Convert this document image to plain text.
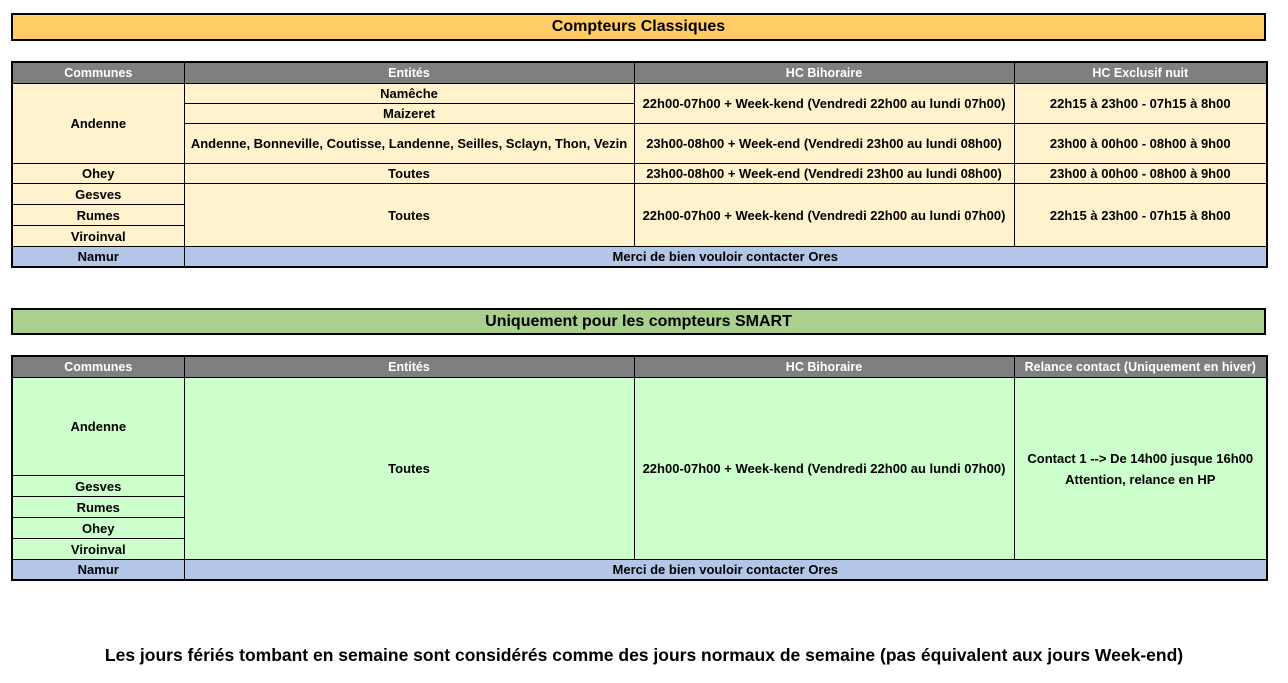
Compteurs Classiques
Communes	Entités	HC Bihoraire	HC Exclusif nuit
Andenne	Namêche	22h00-07h00 + Week-kend (Vendredi 22h00 au lundi 07h00)	22h15 à 23h00 - 07h15 à 8h00
	Maizeret		
	Andenne, Bonneville, Coutisse, Landenne, Seilles, Sclayn, Thon, Vezin	23h00-08h00 + Week-end (Vendredi 23h00 au lundi 08h00)	23h00 à 00h00 - 08h00 à 9h00
Ohey	Toutes	23h00-08h00 + Week-end (Vendredi 23h00 au lundi 08h00)	23h00 à 00h00 - 08h00 à 9h00
Gesves	Toutes	22h00-07h00 + Week-kend (Vendredi 22h00 au lundi 07h00)	22h15 à 23h00 - 07h15 à 8h00
Rumes			
Viroinval			
Namur	Merci de bien vouloir contacter Ores		
Uniquement pour les compteurs SMART
Communes	Entités	HC Bihoraire	Relance contact (Uniquement en hiver)
Andenne	Toutes	22h00-07h00 + Week-kend (Vendredi 22h00 au lundi 07h00)	Contact 1 --> De 14h00 jusque 16h00
Attention, relance en HP

Gesves			
Rumes			
Ohey			
Viroinval			
Namur	Merci de bien vouloir contacter Ores		
Les jours fériés tombant en semaine sont considérés comme des jours normaux de semaine (pas équivalent aux jours Week-end)
